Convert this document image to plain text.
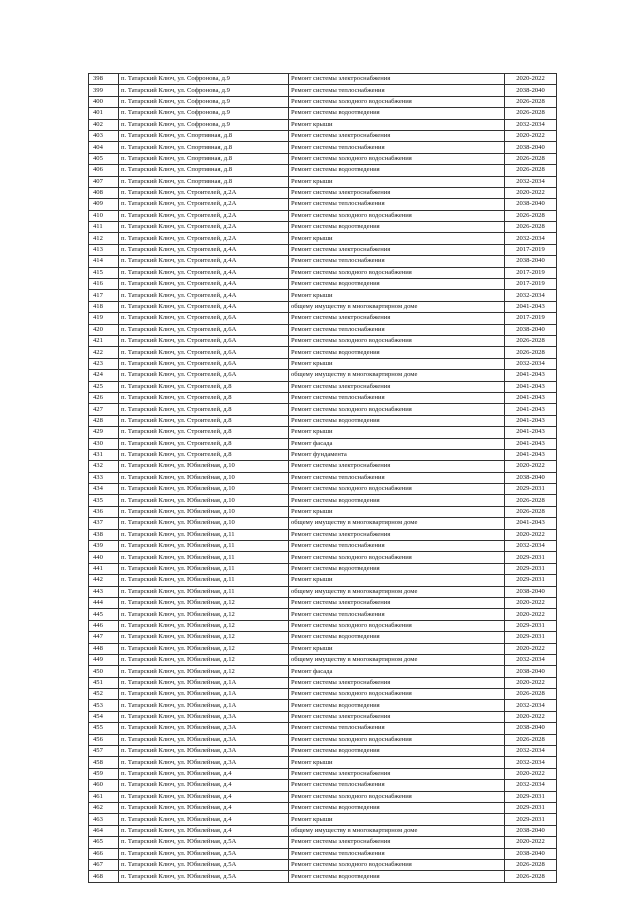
398	п. Татарский Ключ, ул. Софронова, д.9	Ремонт системы электроснабжения	2020-2022
399	п. Татарский Ключ, ул. Софронова, д.9	Ремонт системы теплоснабжения	2038-2040
400	п. Татарский Ключ, ул. Софронова, д.9	Ремонт системы холодного водоснабжения	2026-2028
401	п. Татарский Ключ, ул. Софронова, д.9	Ремонт системы водоотведения	2026-2028
402	п. Татарский Ключ, ул. Софронова, д.9	Ремонт крыши	2032-2034
403	п. Татарский Ключ, ул. Спортивная, д.8	Ремонт системы электроснабжения	2020-2022
404	п. Татарский Ключ, ул. Спортивная, д.8	Ремонт системы теплоснабжения	2038-2040
405	п. Татарский Ключ, ул. Спортивная, д.8	Ремонт системы холодного водоснабжения	2026-2028
406	п. Татарский Ключ, ул. Спортивная, д.8	Ремонт системы водоотведения	2026-2028
407	п. Татарский Ключ, ул. Спортивная, д.8	Ремонт крыши	2032-2034
408	п. Татарский Ключ, ул. Строителей, д.2А	Ремонт системы электроснабжения	2020-2022
409	п. Татарский Ключ, ул. Строителей, д.2А	Ремонт системы теплоснабжения	2038-2040
410	п. Татарский Ключ, ул. Строителей, д.2А	Ремонт системы холодного водоснабжения	2026-2028
411	п. Татарский Ключ, ул. Строителей, д.2А	Ремонт системы водоотведения	2026-2028
412	п. Татарский Ключ, ул. Строителей, д.2А	Ремонт крыши	2032-2034
413	п. Татарский Ключ, ул. Строителей, д.4А	Ремонт системы электроснабжения	2017-2019
414	п. Татарский Ключ, ул. Строителей, д.4А	Ремонт системы теплоснабжения	2038-2040
415	п. Татарский Ключ, ул. Строителей, д.4А	Ремонт системы холодного водоснабжения	2017-2019
416	п. Татарский Ключ, ул. Строителей, д.4А	Ремонт системы водоотведения	2017-2019
417	п. Татарский Ключ, ул. Строителей, д.4А	Ремонт крыши	2032-2034
418	п. Татарский Ключ, ул. Строителей, д.4А	общему имуществу в многоквартирном доме	2041-2043
419	п. Татарский Ключ, ул. Строителей, д.6А	Ремонт системы электроснабжения	2017-2019
420	п. Татарский Ключ, ул. Строителей, д.6А	Ремонт системы теплоснабжения	2038-2040
421	п. Татарский Ключ, ул. Строителей, д.6А	Ремонт системы холодного водоснабжения	2026-2028
422	п. Татарский Ключ, ул. Строителей, д.6А	Ремонт системы водоотведения	2026-2028
423	п. Татарский Ключ, ул. Строителей, д.6А	Ремонт крыши	2032-2034
424	п. Татарский Ключ, ул. Строителей, д.6А	общему имуществу в многоквартирном доме	2041-2043
425	п. Татарский Ключ, ул. Строителей, д.8	Ремонт системы электроснабжения	2041-2043
426	п. Татарский Ключ, ул. Строителей, д.8	Ремонт системы теплоснабжения	2041-2043
427	п. Татарский Ключ, ул. Строителей, д.8	Ремонт системы холодного водоснабжения	2041-2043
428	п. Татарский Ключ, ул. Строителей, д.8	Ремонт системы водоотведения	2041-2043
429	п. Татарский Ключ, ул. Строителей, д.8	Ремонт крыши	2041-2043
430	п. Татарский Ключ, ул. Строителей, д.8	Ремонт фасада	2041-2043
431	п. Татарский Ключ, ул. Строителей, д.8	Ремонт фундамента	2041-2043
432	п. Татарский Ключ, ул. Юбилейная, д.10	Ремонт системы электроснабжения	2020-2022
433	п. Татарский Ключ, ул. Юбилейная, д.10	Ремонт системы теплоснабжения	2038-2040
434	п. Татарский Ключ, ул. Юбилейная, д.10	Ремонт системы холодного водоснабжения	2029-2031
435	п. Татарский Ключ, ул. Юбилейная, д.10	Ремонт системы водоотведения	2026-2028
436	п. Татарский Ключ, ул. Юбилейная, д.10	Ремонт крыши	2026-2028
437	п. Татарский Ключ, ул. Юбилейная, д.10	общему имуществу в многоквартирном доме	2041-2043
438	п. Татарский Ключ, ул. Юбилейная, д.11	Ремонт системы электроснабжения	2020-2022
439	п. Татарский Ключ, ул. Юбилейная, д.11	Ремонт системы теплоснабжения	2032-2034
440	п. Татарский Ключ, ул. Юбилейная, д.11	Ремонт системы холодного водоснабжения	2029-2031
441	п. Татарский Ключ, ул. Юбилейная, д.11	Ремонт системы водоотведения	2029-2031
442	п. Татарский Ключ, ул. Юбилейная, д.11	Ремонт крыши	2029-2031
443	п. Татарский Ключ, ул. Юбилейная, д.11	общему имуществу в многоквартирном доме	2038-2040
444	п. Татарский Ключ, ул. Юбилейная, д.12	Ремонт системы электроснабжения	2020-2022
445	п. Татарский Ключ, ул. Юбилейная, д.12	Ремонт системы теплоснабжения	2020-2022
446	п. Татарский Ключ, ул. Юбилейная, д.12	Ремонт системы холодного водоснабжения	2029-2031
447	п. Татарский Ключ, ул. Юбилейная, д.12	Ремонт системы водоотведения	2029-2031
448	п. Татарский Ключ, ул. Юбилейная, д.12	Ремонт крыши	2020-2022
449	п. Татарский Ключ, ул. Юбилейная, д.12	общему имуществу в многоквартирном доме	2032-2034
450	п. Татарский Ключ, ул. Юбилейная, д.12	Ремонт фасада	2038-2040
451	п. Татарский Ключ, ул. Юбилейная, д.1А	Ремонт системы электроснабжения	2020-2022
452	п. Татарский Ключ, ул. Юбилейная, д.1А	Ремонт системы холодного водоснабжения	2026-2028
453	п. Татарский Ключ, ул. Юбилейная, д.1А	Ремонт системы водоотведения	2032-2034
454	п. Татарский Ключ, ул. Юбилейная, д.3А	Ремонт системы электроснабжения	2020-2022
455	п. Татарский Ключ, ул. Юбилейная, д.3А	Ремонт системы теплоснабжения	2038-2040
456	п. Татарский Ключ, ул. Юбилейная, д.3А	Ремонт системы холодного водоснабжения	2026-2028
457	п. Татарский Ключ, ул. Юбилейная, д.3А	Ремонт системы водоотведения	2032-2034
458	п. Татарский Ключ, ул. Юбилейная, д.3А	Ремонт крыши	2032-2034
459	п. Татарский Ключ, ул. Юбилейная, д.4	Ремонт системы электроснабжения	2020-2022
460	п. Татарский Ключ, ул. Юбилейная, д.4	Ремонт системы теплоснабжения	2032-2034
461	п. Татарский Ключ, ул. Юбилейная, д.4	Ремонт системы холодного водоснабжения	2029-2031
462	п. Татарский Ключ, ул. Юбилейная, д.4	Ремонт системы водоотведения	2029-2031
463	п. Татарский Ключ, ул. Юбилейная, д.4	Ремонт крыши	2029-2031
464	п. Татарский Ключ, ул. Юбилейная, д.4	общему имуществу в многоквартирном доме	2038-2040
465	п. Татарский Ключ, ул. Юбилейная, д.5А	Ремонт системы электроснабжения	2020-2022
466	п. Татарский Ключ, ул. Юбилейная, д.5А	Ремонт системы теплоснабжения	2038-2040
467	п. Татарский Ключ, ул. Юбилейная, д.5А	Ремонт системы холодного водоснабжения	2026-2028
468	п. Татарский Ключ, ул. Юбилейная, д.5А	Ремонт системы водоотведения	2026-2028
